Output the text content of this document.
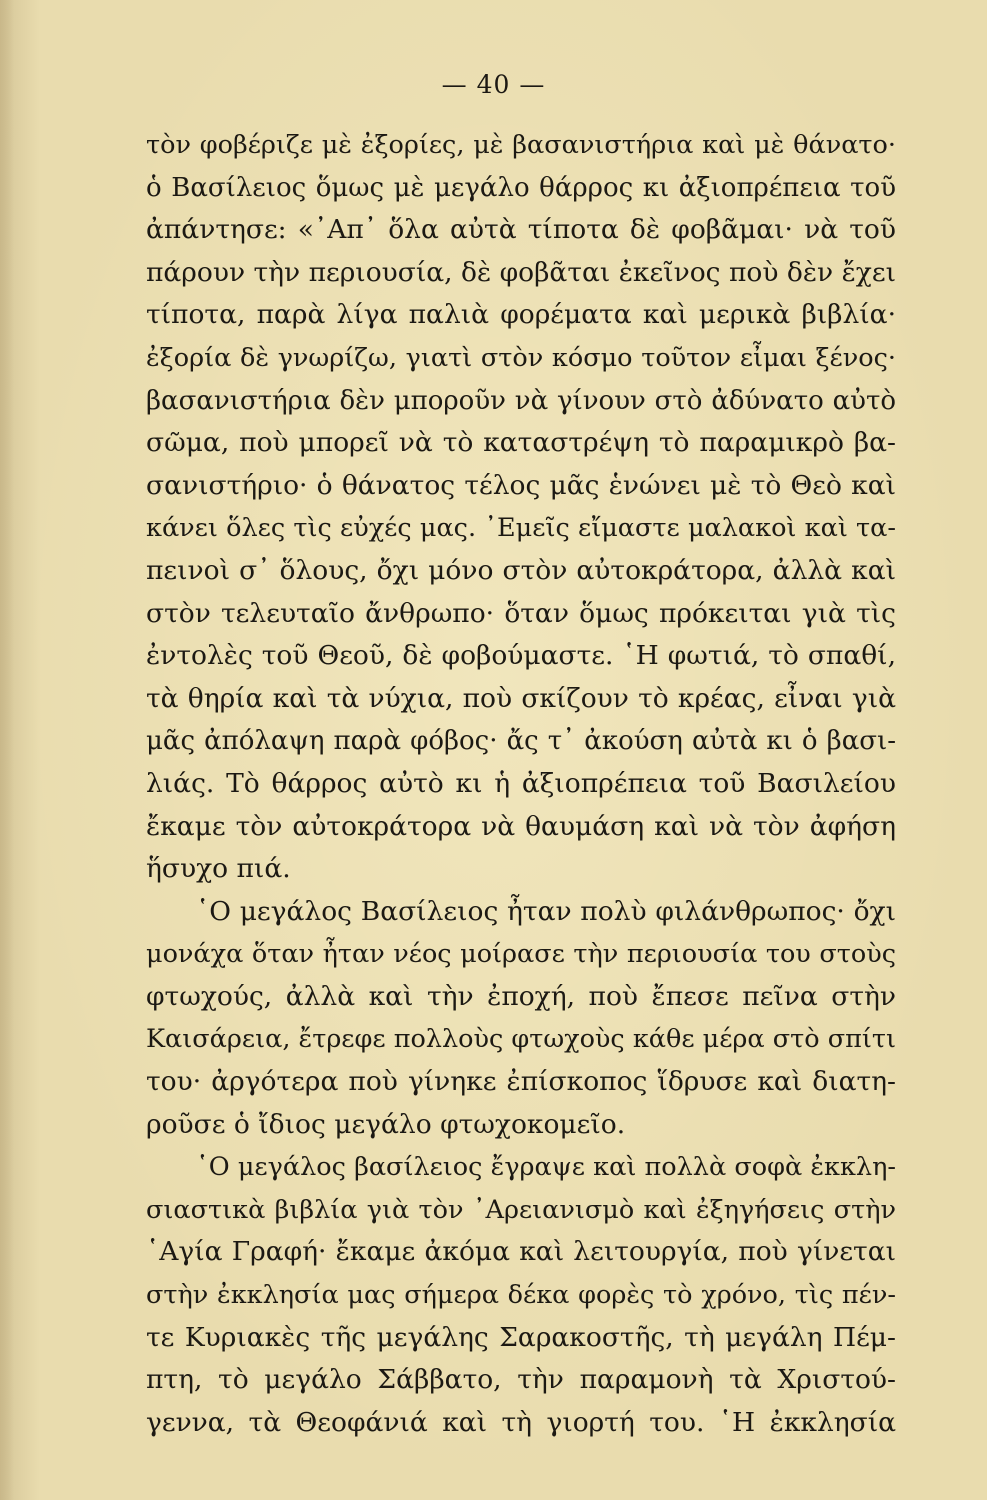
— 40 —
τὸν φοβέριζε μὲ ἐξορίες, μὲ βασανιστήρια καὶ μὲ θάνατο·
ὁ Βασίλειος ὅμως μὲ μεγάλο θάρρος κι ἀξιοπρέπεια τοῦ
ἀπάντησε: «᾿Απ᾿ ὅλα αὐτὰ τίποτα δὲ φοβᾶμαι· νὰ τοῦ
πάρουν τὴν περιουσία, δὲ φοβᾶται ἐκεῖνος ποὺ δὲν ἔχει
τίποτα, παρὰ λίγα παλιὰ φορέματα καὶ μερικὰ βιβλία·
ἐξορία δὲ γνωρίζω, γιατὶ στὸν κόσμο τοῦτον εἶμαι ξένος·
βασανιστήρια δὲν μποροῦν νὰ γίνουν στὸ ἀδύνατο αὐτὸ
σῶμα, ποὺ μπορεῖ νὰ τὸ καταστρέψη τὸ παραμικρὸ βα-
σανιστήριο· ὁ θάνατος τέλος μᾶς ἑνώνει μὲ τὸ Θεὸ καὶ
κάνει ὅλες τὶς εὐχές μας. ᾿Εμεῖς εἴμαστε μαλακοὶ καὶ τα-
πεινοὶ σ᾿ ὅλους, ὄχι μόνο στὸν αὐτοκράτορα, ἀλλὰ καὶ
στὸν τελευταῖο ἄνθρωπο· ὅταν ὅμως πρόκειται γιὰ τὶς
ἐντολὲς τοῦ Θεοῦ, δὲ φοβούμαστε. ῾Η φωτιά, τὸ σπαθί,
τὰ θηρία καὶ τὰ νύχια, ποὺ σκίζουν τὸ κρέας, εἶναι γιὰ
μᾶς ἀπόλαψη παρὰ φόβος· ἄς τ᾿ ἀκούση αὐτὰ κι ὁ βασι-
λιάς. Τὸ θάρρος αὐτὸ κι ἡ ἀξιοπρέπεια τοῦ Βασιλείου
ἔκαμε τὸν αὐτοκράτορα νὰ θαυμάση καὶ νὰ τὸν ἀφήση
ἥσυχο πιά.
῾Ο μεγάλος Βασίλειος ἦταν πολὺ φιλάνθρωπος· ὄχι
μονάχα ὅταν ἦταν νέος μοίρασε τὴν περιουσία του στοὺς
φτωχούς, ἀλλὰ καὶ τὴν ἐποχή, ποὺ ἔπεσε πεῖνα στὴν
Καισάρεια, ἔτρεφε πολλοὺς φτωχοὺς κάθε μέρα στὸ σπίτι
του· ἀργότερα ποὺ γίνηκε ἐπίσκοπος ἵδρυσε καὶ διατη-
ροῦσε ὁ ἴδιος μεγάλο φτωχοκομεῖο.
῾Ο μεγάλος βασίλειος ἔγραψε καὶ πολλὰ σοφὰ ἐκκλη-
σιαστικὰ βιβλία γιὰ τὸν ᾿Αρειανισμὸ καὶ ἐξηγήσεις στὴν
῾Αγία Γραφή· ἔκαμε ἀκόμα καὶ λειτουργία, ποὺ γίνεται
στὴν ἐκκλησία μας σήμερα δέκα φορὲς τὸ χρόνο, τὶς πέν-
τε Κυριακὲς τῆς μεγάλης Σαρακοστῆς, τὴ μεγάλη Πέμ-
πτη, τὸ μεγάλο Σάββατο, τὴν παραμονὴ τὰ Χριστού-
γεννα, τὰ Θεοφάνιά καὶ τὴ γιορτή του. ῾Η ἐκκλησία
